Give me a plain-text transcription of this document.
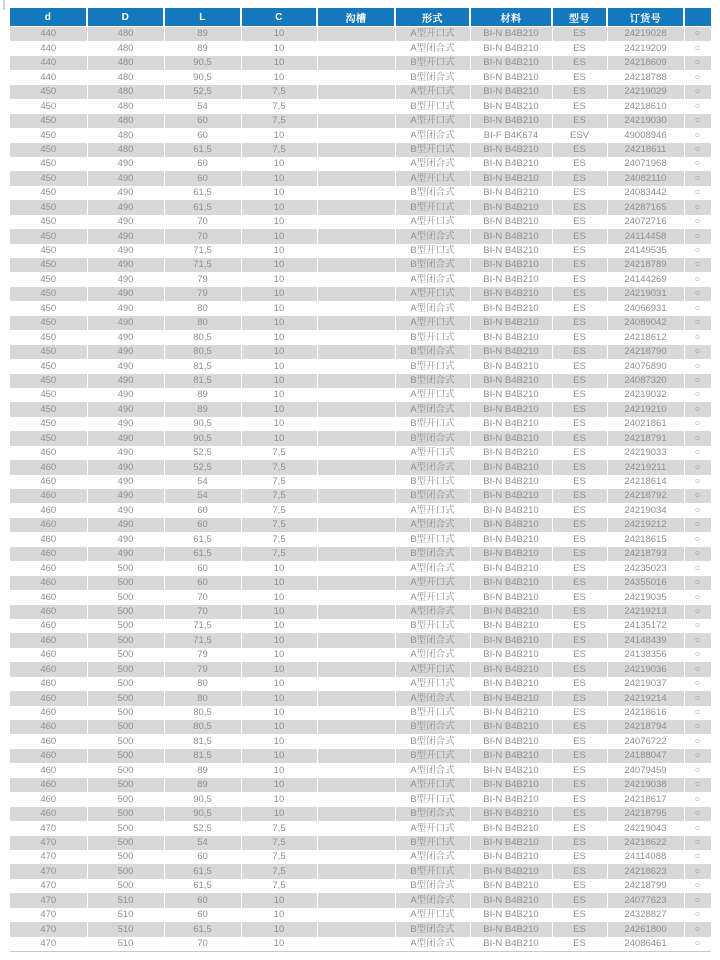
d	D	L	C	沟槽	形式	材料	型号	订货号	
440	480	89	10		A型开口式	BI-N B4B210	ES	24219028	○
440	480	89	10		A型闭合式	BI-N B4B210	ES	24219209	○
440	480	90,5	10		B型开口式	BI-N B4B210	ES	24218609	○
440	480	90,5	10		B型闭合式	BI-N B4B210	ES	24218788	○
450	480	52,5	7,5		A型开口式	BI-N B4B210	ES	24219029	○
450	480	54	7,5		B型开口式	BI-N B4B210	ES	24218610	○
450	480	60	7,5		A型开口式	BI-N B4B210	ES	24219030	○
450	480	60	10		A型闭合式	BI-F B4K674	ESV	49008946	○
450	480	61,5	7,5		B型开口式	BI-N B4B210	ES	24218611	○
450	490	60	10		A型闭合式	BI-N B4B210	ES	24071968	○
450	490	60	10		A型开口式	BI-N B4B210	ES	24082110	○
450	490	61,5	10		B型闭合式	BI-N B4B210	ES	24083442	○
450	490	61,5	10		B型开口式	BI-N B4B210	ES	24287165	○
450	490	70	10		A型开口式	BI-N B4B210	ES	24072716	○
450	490	70	10		A型闭合式	BI-N B4B210	ES	24114458	○
450	490	71,5	10		B型开口式	BI-N B4B210	ES	24149535	○
450	490	71,5	10		B型闭合式	BI-N B4B210	ES	24218789	○
450	490	79	10		A型闭合式	BI-N B4B210	ES	24144269	○
450	490	79	10		A型开口式	BI-N B4B210	ES	24219031	○
450	490	80	10		A型闭合式	BI-N B4B210	ES	24066931	○
450	490	80	10		A型开口式	BI-N B4B210	ES	24089042	○
450	490	80,5	10		B型开口式	BI-N B4B210	ES	24218612	○
450	490	80,5	10		B型闭合式	BI-N B4B210	ES	24218790	○
450	490	81,5	10		B型开口式	BI-N B4B210	ES	24075890	○
450	490	81,5	10		B型闭合式	BI-N B4B210	ES	24087320	○
450	490	89	10		A型开口式	BI-N B4B210	ES	24219032	○
450	490	89	10		A型闭合式	BI-N B4B210	ES	24219210	○
450	490	90,5	10		B型开口式	BI-N B4B210	ES	24021861	○
450	490	90,5	10		B型闭合式	BI-N B4B210	ES	24218791	○
460	490	52,5	7,5		A型开口式	BI-N B4B210	ES	24219033	○
460	490	52,5	7,5		A型闭合式	BI-N B4B210	ES	24219211	○
460	490	54	7,5		B型开口式	BI-N B4B210	ES	24218614	○
460	490	54	7,5		B型闭合式	BI-N B4B210	ES	24218792	○
460	490	60	7,5		A型开口式	BI-N B4B210	ES	24219034	○
460	490	60	7,5		A型闭合式	BI-N B4B210	ES	24219212	○
460	490	61,5	7,5		B型开口式	BI-N B4B210	ES	24218615	○
460	490	61,5	7,5		B型闭合式	BI-N B4B210	ES	24218793	○
460	500	60	10		A型闭合式	BI-N B4B210	ES	24235023	○
460	500	60	10		A型开口式	BI-N B4B210	ES	24355016	○
460	500	70	10		A型开口式	BI-N B4B210	ES	24219035	○
460	500	70	10		A型闭合式	BI-N B4B210	ES	24219213	○
460	500	71,5	10		B型开口式	BI-N B4B210	ES	24135172	○
460	500	71,5	10		B型闭合式	BI-N B4B210	ES	24148439	○
460	500	79	10		A型闭合式	BI-N B4B210	ES	24138356	○
460	500	79	10		A型开口式	BI-N B4B210	ES	24219036	○
460	500	80	10		A型开口式	BI-N B4B210	ES	24219037	○
460	500	80	10		A型闭合式	BI-N B4B210	ES	24219214	○
460	500	80,5	10		B型开口式	BI-N B4B210	ES	24218616	○
460	500	80,5	10		B型闭合式	BI-N B4B210	ES	24218794	○
460	500	81,5	10		B型闭合式	BI-N B4B210	ES	24076722	○
460	500	81,5	10		B型开口式	BI-N B4B210	ES	24188047	○
460	500	89	10		A型闭合式	BI-N B4B210	ES	24079459	○
460	500	89	10		A型开口式	BI-N B4B210	ES	24219038	○
460	500	90,5	10		B型开口式	BI-N B4B210	ES	24218617	○
460	500	90,5	10		B型闭合式	BI-N B4B210	ES	24218795	○
470	500	52,5	7,5		A型开口式	BI-N B4B210	ES	24219043	○
470	500	54	7,5		B型开口式	BI-N B4B210	ES	24218622	○
470	500	60	7,5		A型闭合式	BI-N B4B210	ES	24114088	○
470	500	61,5	7,5		B型开口式	BI-N B4B210	ES	24218623	○
470	500	61,5	7,5		B型闭合式	BI-N B4B210	ES	24218799	○
470	510	60	10		A型闭合式	BI-N B4B210	ES	24077623	○
470	510	60	10		A型开口式	BI-N B4B210	ES	24328827	○
470	510	61,5	10		B型闭合式	BI-N B4B210	ES	24261800	○
470	510	70	10		A型闭合式	BI-N B4B210	ES	24086461	○
